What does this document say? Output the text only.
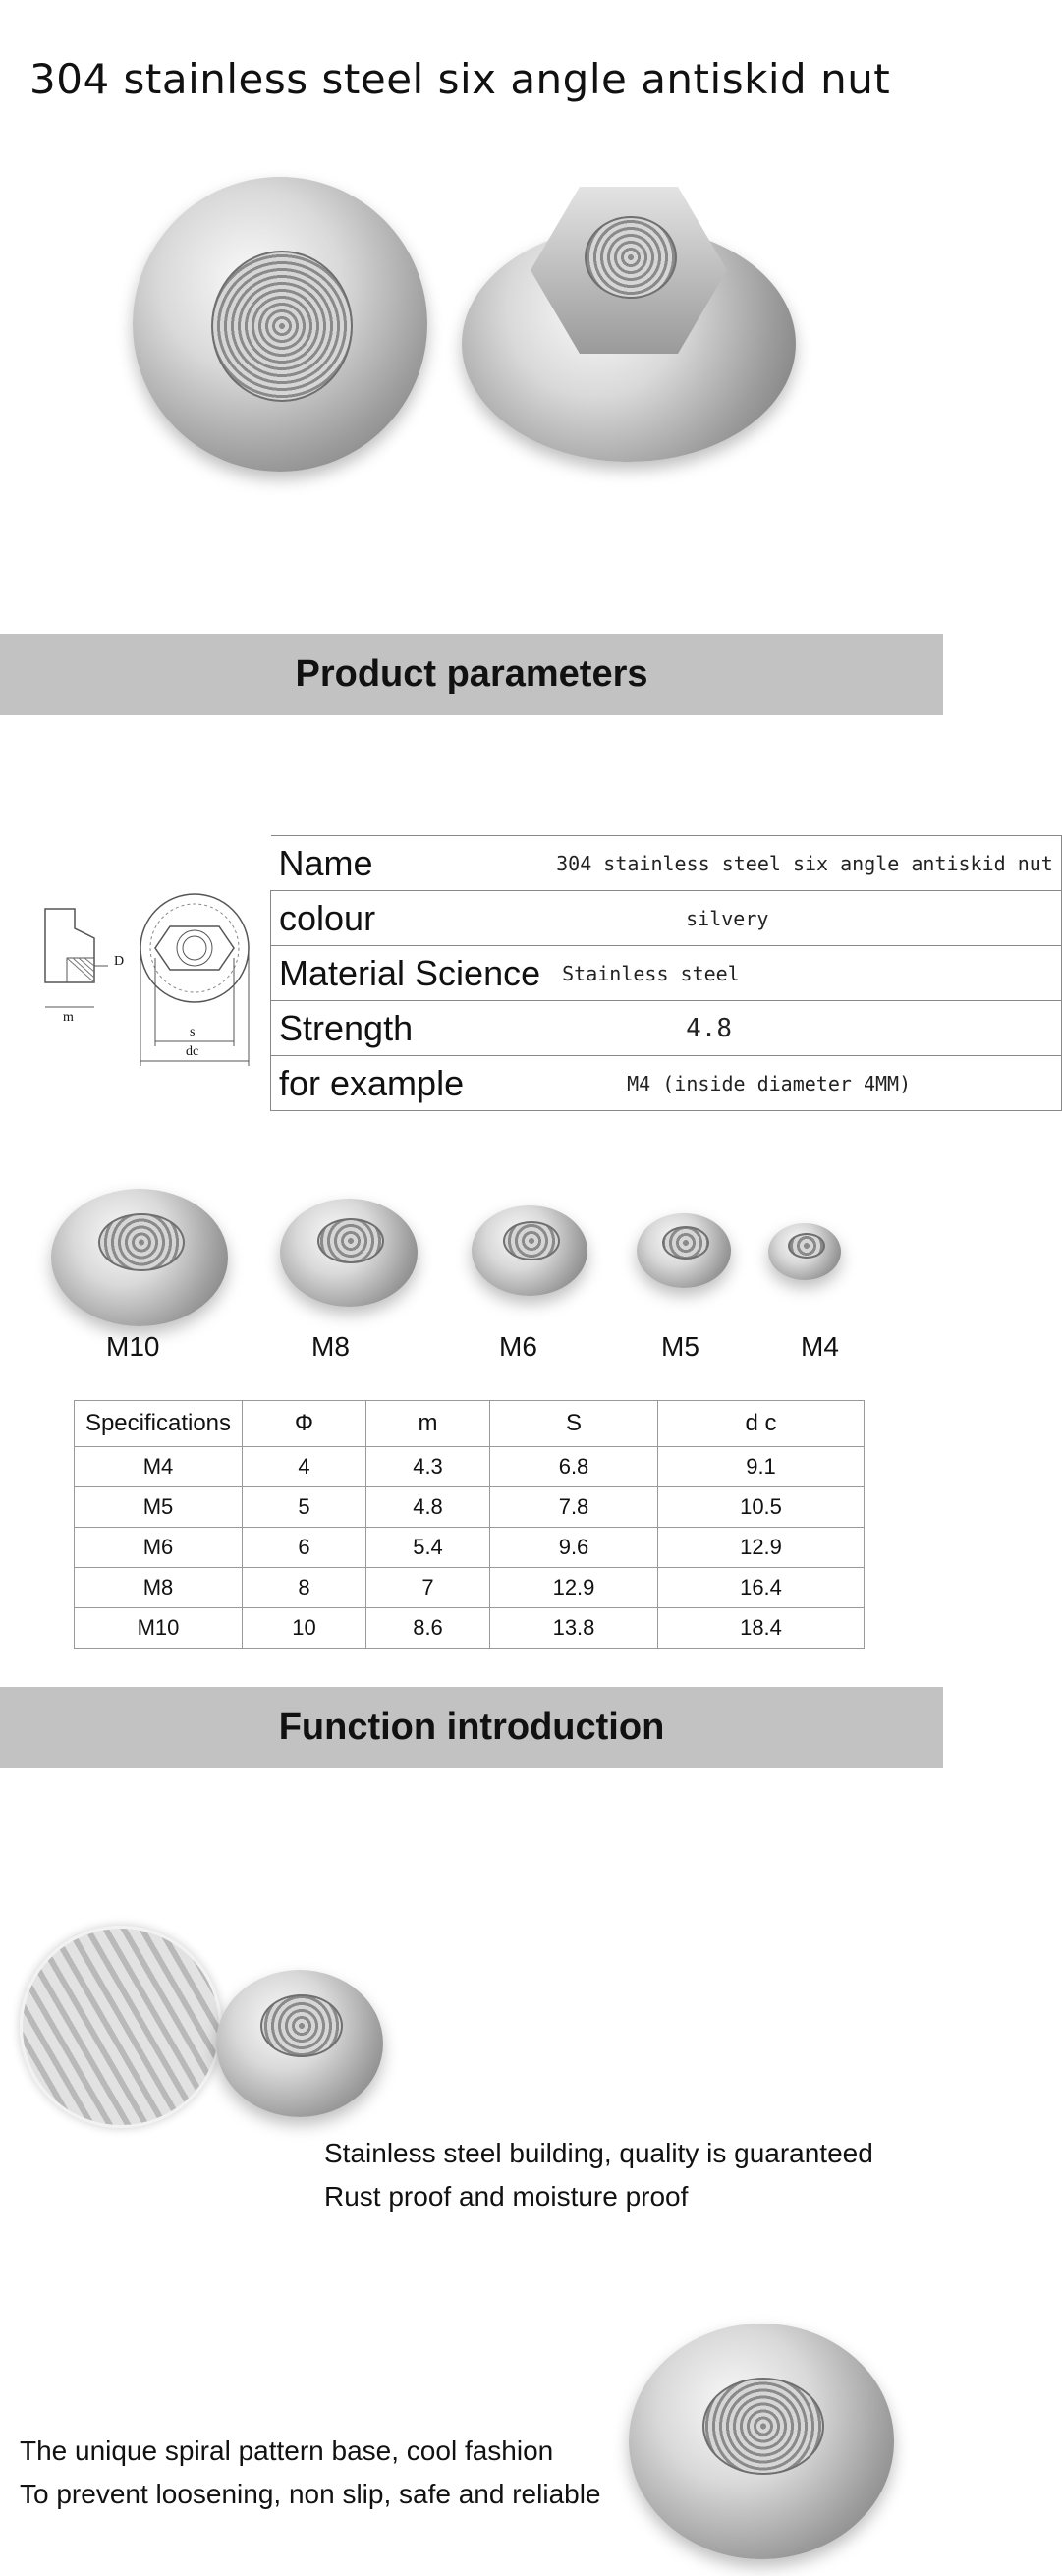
304 stainless steel six angle antiskid nut
Product parameters
D
m
s
dc
Name	304 stainless steel six angle antiskid nut
colour	silvery
Material Science	Stainless steel
Strength	4.8
for example	M4 (inside diameter 4MM)
M10	M8	M6	M5	M4
Specifications	Φ	m	S	d c
M4	4	4.3	6.8	9.1
M5	5	4.8	7.8	10.5
M6	6	5.4	9.6	12.9
M8	8	7	12.9	16.4
M10	10	8.6	13.8	18.4
Function introduction
Stainless steel building, quality is guaranteed
Rust proof and moisture proof
The unique spiral pattern base, cool fashion
To prevent loosening, non slip, safe and reliable
